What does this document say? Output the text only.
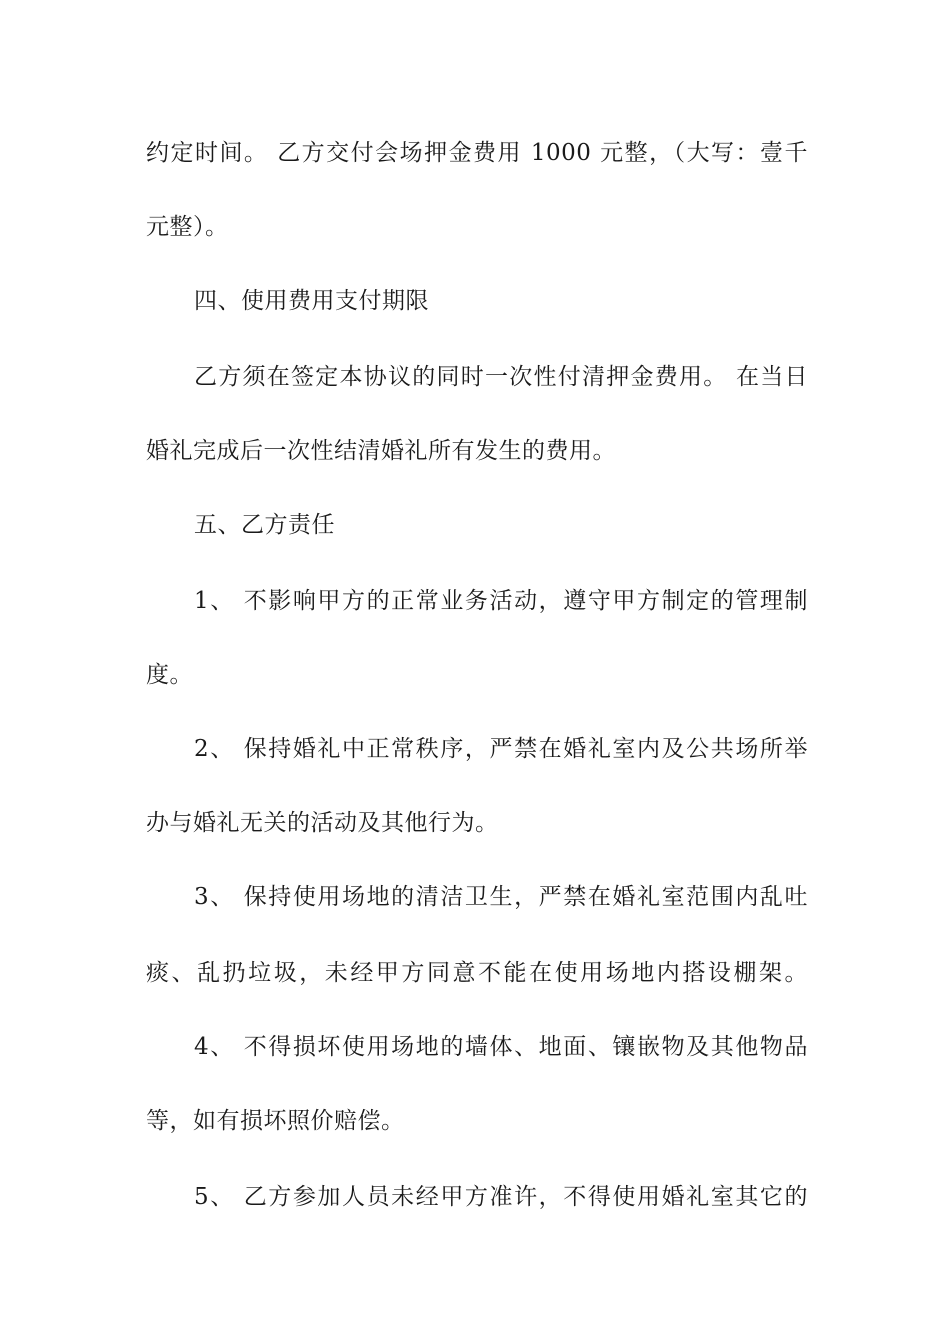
约定时间。 乙方交付会场押金费用 1000 元整，（大写：壹千
元整）。
四、使用费用支付期限
乙方须在签定本协议的同时一次性付清押金费用。 在当日
婚礼完成后一次性结清婚礼所有发生的费用。
五、乙方责任
1、 不影响甲方的正常业务活动，遵守甲方制定的管理制
度。
2、 保持婚礼中正常秩序，严禁在婚礼室内及公共场所举
办与婚礼无关的活动及其他行为。
3、 保持使用场地的清洁卫生，严禁在婚礼室范围内乱吐
痰、乱扔垃圾，未经甲方同意不能在使用场地内搭设棚架。
4、 不得损坏使用场地的墙体、地面、镶嵌物及其他物品
等，如有损坏照价赔偿。
5、 乙方参加人员未经甲方准许，不得使用婚礼室其它的
